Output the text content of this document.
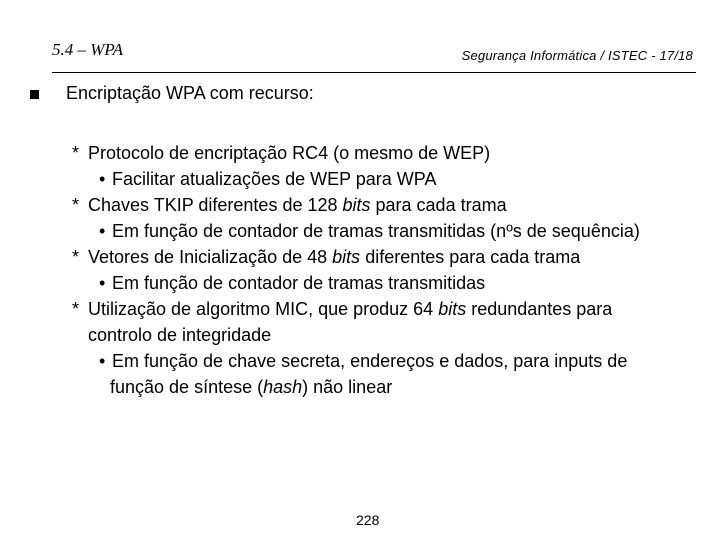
5.4 – WPA	Segurança Informática / ISTEC - 17/18
Encriptação WPA com recurso:
* Protocolo de encriptação RC4 (o mesmo de WEP)
• Facilitar atualizações de WEP para WPA
* Chaves TKIP diferentes de 128 bits para cada trama
• Em função de contador de tramas transmitidas (nºs de sequência)
* Vetores de Inicialização de 48 bits diferentes para cada trama
• Em função de contador de tramas transmitidas
* Utilização de algoritmo MIC, que produz 64 bits redundantes para
controlo de integridade
• Em função de chave secreta, endereços e dados, para inputs de
função de síntese (hash) não linear
228
